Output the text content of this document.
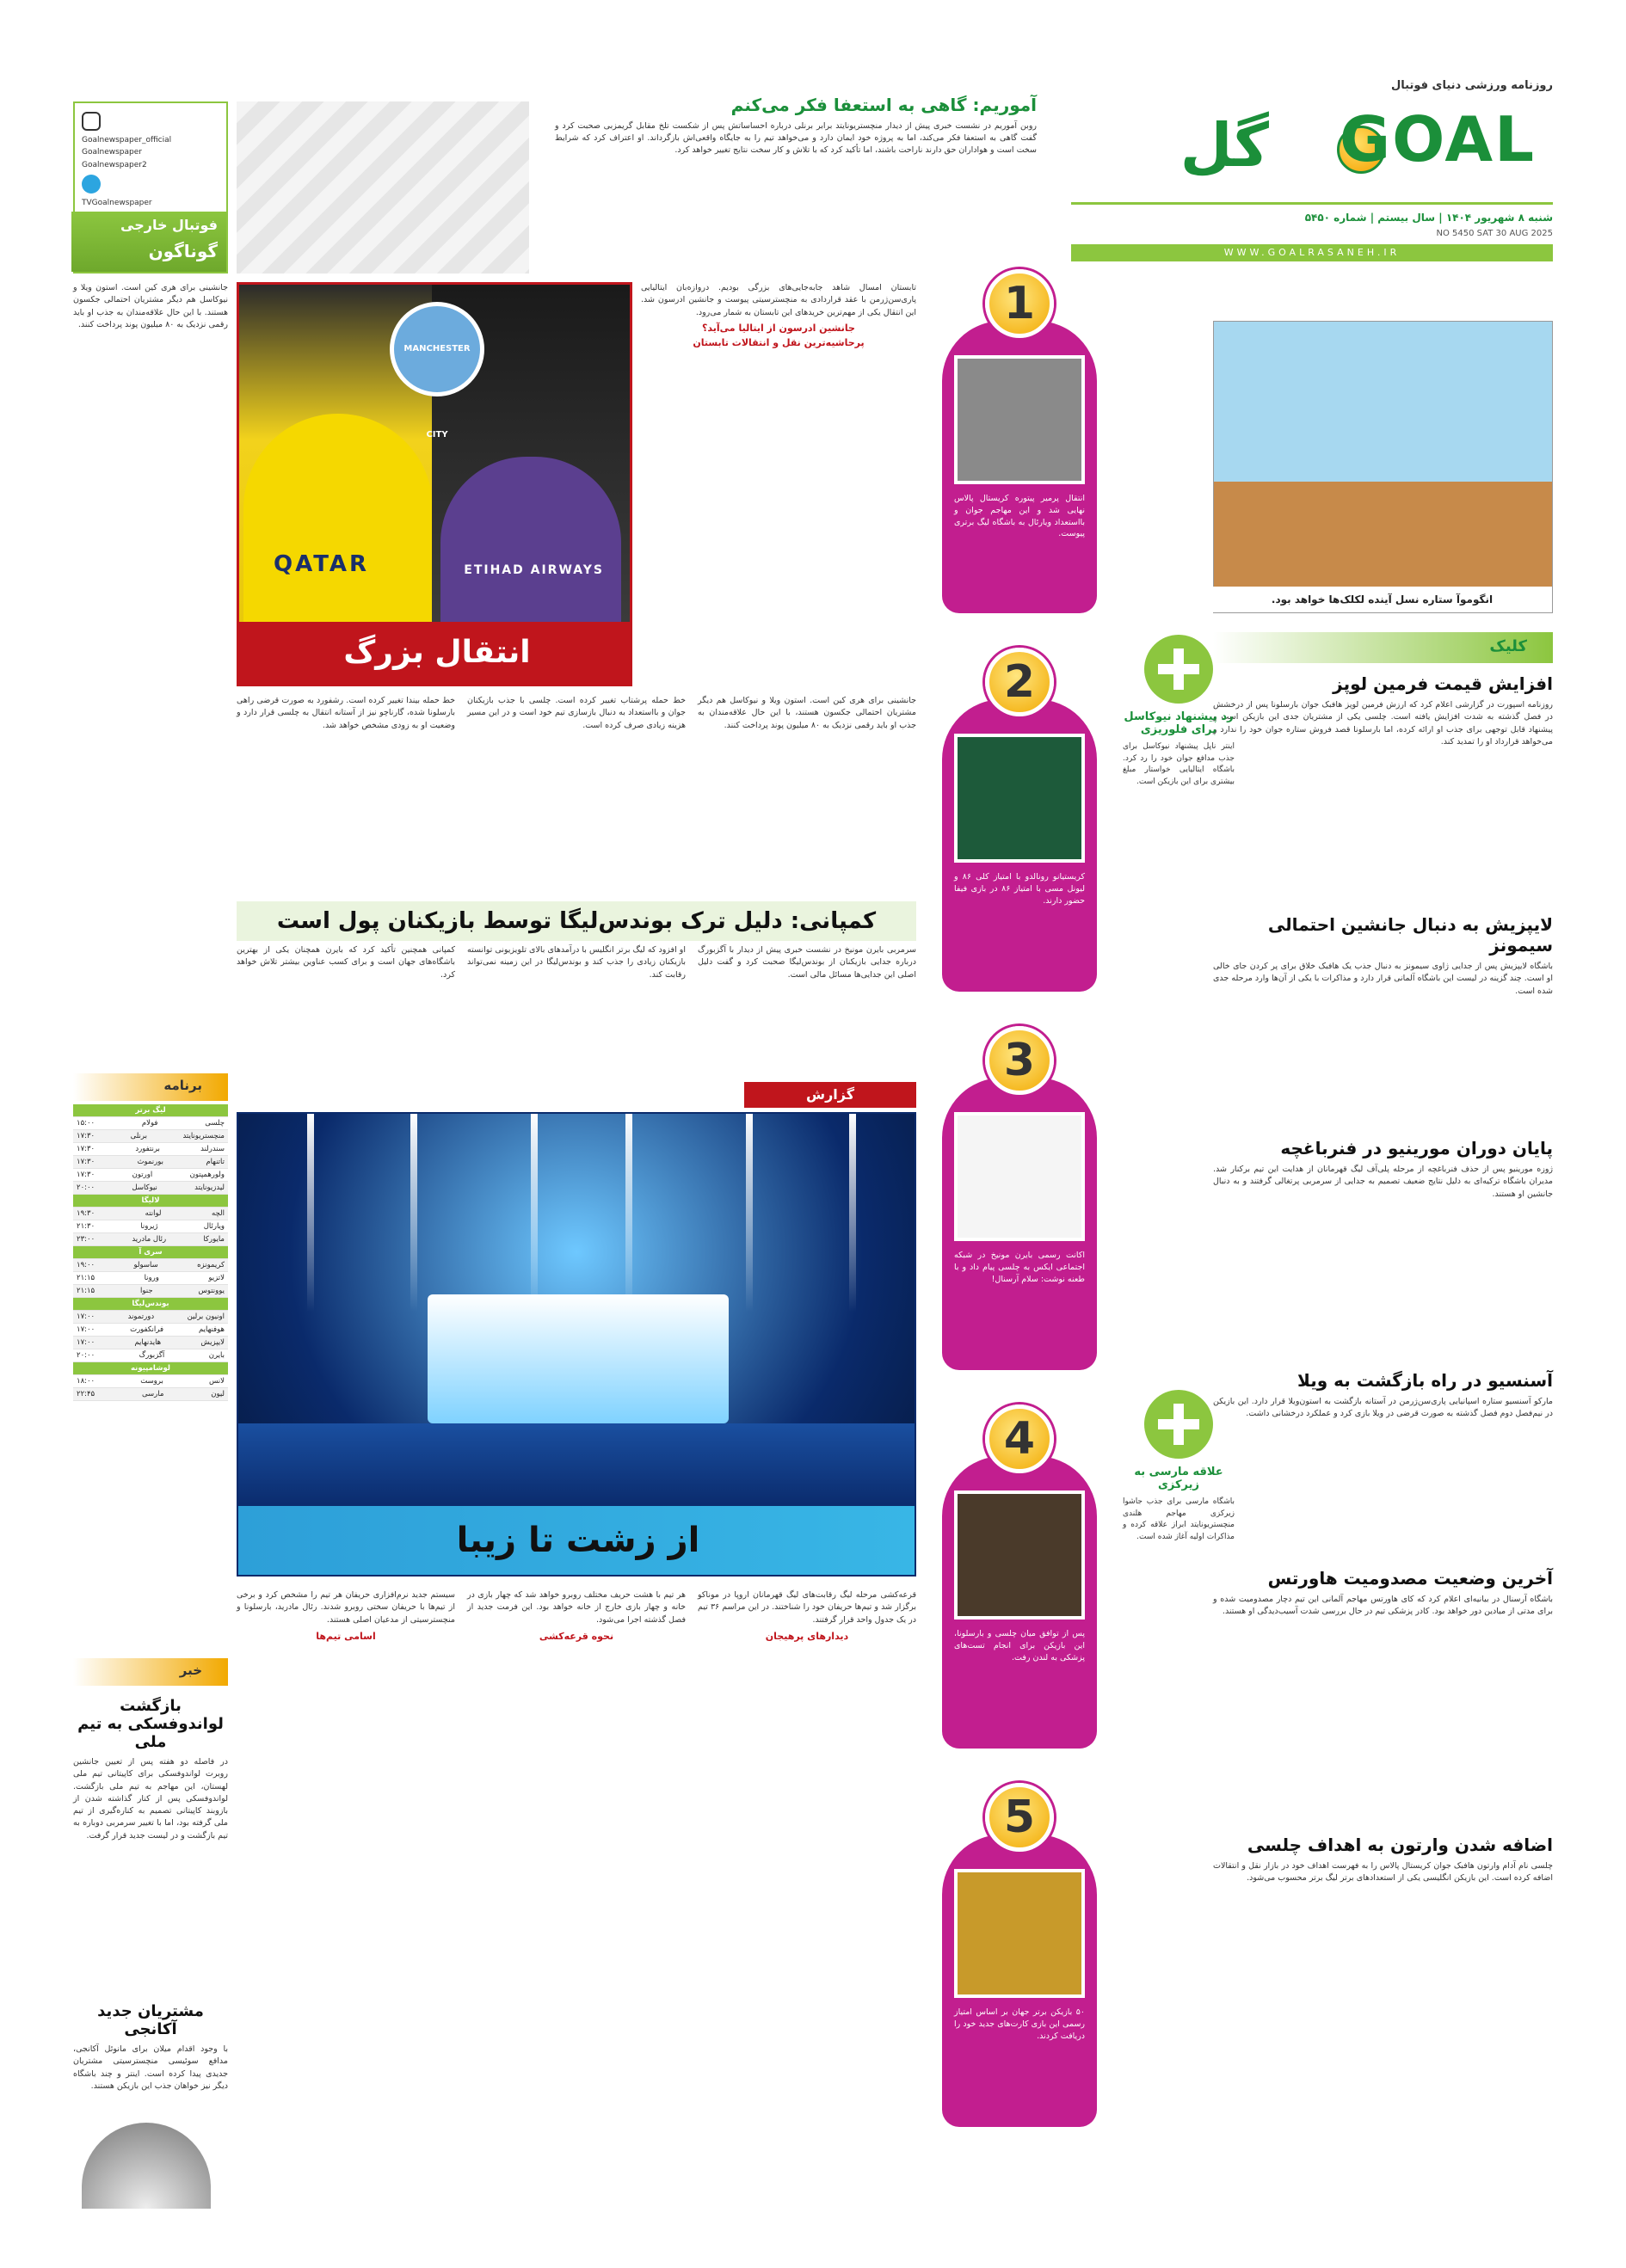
روزنامه ورزشی دنیای فوتبال
گل GOAL
شنبه ۸ شهریور ۱۴۰۴ | سال بیستم | شماره ۵۴۵۰
NO 5450 SAT 30 AUG 2025
WWW.GOALRASANEH.IR
آموریم: گاهی به استعفا فکر می‌کنم
روبن آموریم در نشست خبری پیش از دیدار منچستریونایتد برابر برنلی درباره احساساتش پس از شکست تلخ مقابل گریمزبی صحبت کرد و گفت گاهی به استعفا فکر می‌کند، اما به پروژه خود ایمان دارد و می‌خواهد تیم را به جایگاه واقعی‌اش بازگرداند. او اعتراف کرد که شرایط سخت است و هواداران حق دارند ناراحت باشند، اما تأکید کرد که با تلاش و کار سخت نتایج تغییر خواهد کرد.
Goalnewspaper_official
Goalnewspaper
Goalnewspaper2
TVGoalnewspaper
فوتبال خارجی
گوناگون
انگوموآ ستاره نسل آینده لکلک‌ها خواهد بود.
کلیک
افزایش قیمت فرمین لوپز

روزنامه اسپورت در گزارشی اعلام کرد که ارزش فرمین لوپز هافبک جوان بارسلونا پس از درخشش در فصل گذشته به شدت افزایش یافته است. چلسی یکی از مشتریان جدی این بازیکن است و پیشنهاد قابل توجهی برای جذب او ارائه کرده، اما بارسلونا قصد فروش ستاره جوان خود را ندارد و می‌خواهد قرارداد او را تمدید کند.

لایپزیش به دنبال جانشین احتمالی سیمونز

باشگاه لایپزیش پس از جدایی ژاوی سیمونز به دنبال جذب یک هافبک خلاق برای پر کردن جای خالی او است. چند گزینه در لیست این باشگاه آلمانی قرار دارد و مذاکرات با یکی از آن‌ها وارد مرحله جدی شده است.

پایان دوران مورینیو در فنرباغچه

ژوزه مورینیو پس از حذف فنرباغچه از مرحله پلی‌آف لیگ قهرمانان از هدایت این تیم برکنار شد. مدیران باشگاه ترکیه‌ای به دلیل نتایج ضعیف تصمیم به جدایی از سرمربی پرتغالی گرفتند و به دنبال جانشین او هستند.

آسنسیو در راه بازگشت به ویلا

ماركو آسنسيو ستاره اسپانیایی پاری‌سن‌ژرمن در آستانه بازگشت به استون‌ویلا قرار دارد. این بازیکن در نیم‌فصل دوم فصل گذشته به صورت قرضی در ویلا بازی کرد و عملکرد درخشانی داشت.

آخرین وضعیت مصدومیت هاورتس

باشگاه آرسنال در بیانیه‌ای اعلام کرد که کای هاورتس مهاجم آلمانی این تیم دچار مصدومیت شده و برای مدتی از میادین دور خواهد بود. کادر پزشکی تیم در حال بررسی شدت آسیب‌دیدگی او هستند.

اضافه شدن وارتون به اهداف چلسی

چلسی نام آدام وارتون هافبک جوان کریستال پالاس را به فهرست اهداف خود در بازار نقل و انتقالات اضافه کرده است. این بازیکن انگلیسی یکی از استعدادهای برتر لیگ برتر محسوب می‌شود.

انتقال پرمیر پیتوره کریستال پالاس نهایی شد و این مهاجم جوان و بااستعداد ویارئال به باشگاه لیگ برتری پیوست.
1
کریستیانو رونالدو با امتیاز کلی ۸۶ و لیونل مسی با امتیاز ۸۶ در بازی فیفا حضور دارند.
2
اکانت رسمی بایرن مونیخ در شبکه اجتماعی ایکس به چلسی پیام داد و با طعنه نوشت: سلام آرسنال!
3
پس از توافق میان چلسی و بارسلونا، این بازیکن برای انجام تست‌های پزشکی به لندن رفت.
4
۵۰ بازیکن برتر جهان بر اساس امتیاز رسمی این بازی کارت‌های جدید خود را دریافت کردند.
5
رد پیشنهاد نیوکاسل برای فلوریزی

اینتر ناپل پیشنهاد نیوکاسل برای جذب مدافع جوان خود را رد کرد. باشگاه ایتالیایی خواستار مبلغ بیشتری برای این بازیکن است.

علاقه مارسی به زیرکزی

باشگاه مارسی برای جذب جاشوا زیرکزی مهاجم هلندی منچستریونایتد ابراز علاقه کرده و مذاکرات اولیه آغاز شده است.

تابستان امسال شاهد جابه‌جایی‌های بزرگی بودیم. دروازه‌بان ایتالیایی پاری‌سن‌ژرمن با عقد قراردادی به منچسترسیتی پیوست و جانشین ادرسون شد. این انتقال یکی از مهم‌ترین خریدهای این تابستان به شمار می‌رود.

جانشین ادرسون از ایتالیا می‌آید؟
پرحاشیه‌ترین نقل و انتقالات تابستان
QATAR	ETIHAD AIRWAYS
MANCHESTER CITY
انتقال بزرگ
جانشینی برای هری کین است. استون ویلا و نیوکاسل هم دیگر مشتریان احتمالی جکسون هستند، با این حال علاقه‌مندان به جذب او باید رقمی نزدیک به ۸۰ میلیون پوند پرداخت کنند.
خط حمله پرشتاب تغییر کرده است. چلسی با جذب بازیکنان جوان و بااستعداد به دنبال بازسازی تیم خود است و در این مسیر هزینه زیادی صرف کرده است.
خط حمله بیندا تغییر کرده است. رشفورد به صورت قرضی راهی بارسلونا شده، گارناچو نیز از آستانه انتقال به چلسی قرار دارد و وضعیت او به زودی مشخص خواهد شد.
کمپانی: دلیل ترک بوندس‌لیگا توسط بازیکنان پول است
سرمربی بایرن مونیخ در نشست خبری پیش از دیدار با آگزبورگ درباره جدایی بازیکنان از بوندس‌لیگا صحبت کرد و گفت دلیل اصلی این جدایی‌ها مسائل مالی است.
او افزود که لیگ برتر انگلیس با درآمدهای بالای تلویزیونی توانسته بازیکنان زیادی را جذب کند و بوندس‌لیگا در این زمینه نمی‌تواند رقابت کند.
کمپانی همچنین تأکید کرد که بایرن همچنان یکی از بهترین باشگاه‌های جهان است و برای کسب عناوین بیشتر تلاش خواهد کرد.
گزارش
از زشت تا زیبا
قرعه‌کشی مرحله لیگ رقابت‌های لیگ قهرمانان اروپا در موناکو برگزار شد و تیم‌ها حریفان خود را شناختند. در این مراسم ۳۶ تیم در یک جدول واحد قرار گرفتند.
دیدارهای پرهیجان
هر تیم با هشت حریف مختلف روبرو خواهد شد که چهار بازی در خانه و چهار بازی خارج از خانه خواهد بود. این فرمت جدید از فصل گذشته اجرا می‌شود.
نحوه قرعه‌کشی
سیستم جدید نرم‌افزاری حریفان هر تیم را مشخص کرد و برخی از تیم‌ها با حریفان سختی روبرو شدند. رئال مادرید، بارسلونا و منچسترسیتی از مدعیان اصلی هستند.
اسامی تیم‌ها

جانشینی برای هری کین است. استون ویلا و نیوکاسل هم دیگر مشتریان احتمالی جکسون هستند. با این حال علاقه‌مندان به جذب او باید رقمی نزدیک به ۸۰ میلیون پوند پرداخت کنند.

برنامه
لیگ برتر
چلسی
فولام
۱۵:۰۰
منچستریونایتد
برنلی
۱۷:۳۰
سندرلند
برنتفورد
۱۷:۳۰
تاتنهام
بورنموث
۱۷:۳۰
ولورهمپتون
اورتون
۱۷:۳۰
لیدزیونایتد
نیوکاسل
۲۰:۰۰
لالیگا
الچه
لوانته
۱۹:۳۰
ویارئال
ژیرونا
۲۱:۳۰
مایورکا
رئال مادرید
۲۳:۰۰
سری آ
کریمونزه
ساسولو
۱۹:۰۰
لاتزیو
ورونا
۲۱:۱۵
یوونتوس
جنوا
۲۱:۱۵
بوندس‌لیگا
اونیون برلین
دورتموند
۱۷:۰۰
هوفنهایم
فرانکفورت
۱۷:۰۰
لایپزیش
هایدنهایم
۱۷:۰۰
بایرن
آگزبورگ
۲۰:۰۰
لوشامپیونه
لانس
بروست
۱۸:۰۰
لیون
مارسی
۲۲:۴۵
خبر
بازگشت لواندوفسکی به تیم ملی

در فاصله دو هفته پس از تعیین جانشین روبرت لواندوفسکی برای کاپیتانی تیم ملی لهستان، این مهاجم به تیم ملی بازگشت. لواندوفسکی پس از کنار گذاشته شدن از بازوبند کاپیتانی تصمیم به کناره‌گیری از تیم ملی گرفته بود، اما با تغییر سرمربی دوباره به تیم بازگشت و در لیست جدید قرار گرفت.

مشتریان جدید آکانجی

با وجود اقدام میلان برای مانوئل آکانجی، مدافع سوئیسی منچسترسیتی مشتریان جدیدی پیدا کرده است. اینتر و چند باشگاه دیگر نیز خواهان جذب این بازیکن هستند.
